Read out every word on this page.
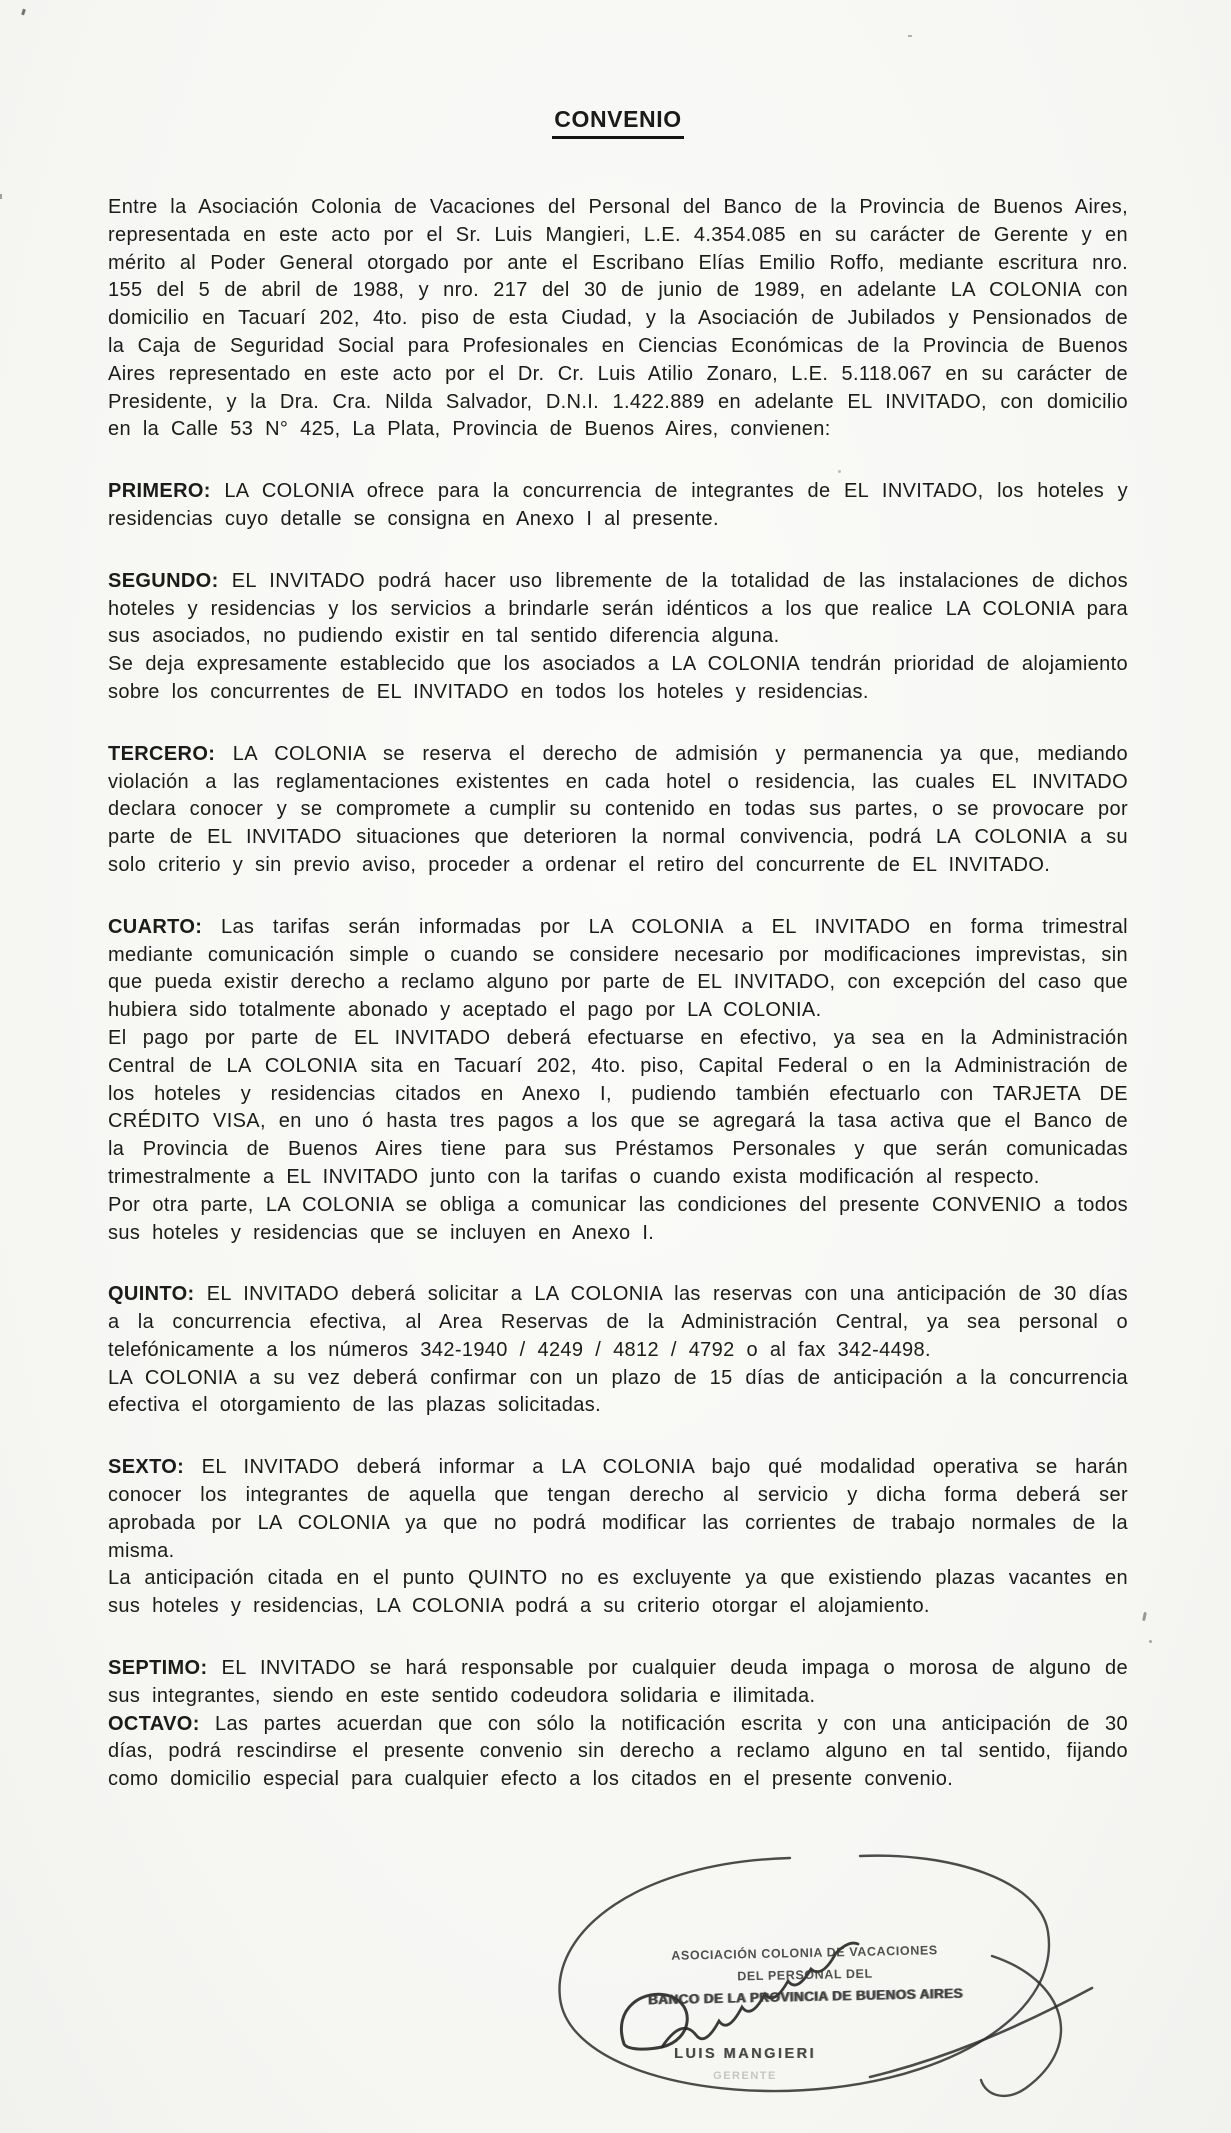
CONVENIO

Entre la Asociación Colonia de Vacaciones del Personal del Banco de la Provincia de Buenos Aires, representada en este acto por el Sr. Luis Mangieri, L.E. 4.354.085 en su carácter de Gerente y en mérito al Poder General otorgado por ante el Escribano Elías Emilio Roffo, mediante escritura nro. 155 del 5 de abril de 1988, y nro. 217 del 30 de junio de 1989, en adelante LA COLONIA con domicilio en Tacuarí 202, 4to. piso de esta Ciudad, y la Asociación de Jubilados y Pensionados de la Caja de Seguridad Social para Profesionales en Ciencias Económicas de la Provincia de Buenos Aires representado en este acto por el Dr. Cr. Luis Atilio Zonaro, L.E. 5.118.067 en su carácter de Presidente, y la Dra. Cra. Nilda Salvador, D.N.I. 1.422.889 en adelante EL INVITADO, con domicilio en la Calle 53 N° 425, La Plata, Provincia de Buenos Aires, convienen:

PRIMERO: LA COLONIA ofrece para la concurrencia de integrantes de EL INVITADO, los hoteles y residencias cuyo detalle se consigna en Anexo I al presente.

SEGUNDO: EL INVITADO podrá hacer uso libremente de la totalidad de las instalaciones de dichos hoteles y residencias y los servicios a brindarle serán idénticos a los que realice LA COLONIA para sus asociados, no pudiendo existir en tal sentido diferencia alguna.

Se deja expresamente establecido que los asociados a LA COLONIA tendrán prioridad de alojamiento sobre los concurrentes de EL INVITADO en todos los hoteles y residencias.

TERCERO: LA COLONIA se reserva el derecho de admisión y permanencia ya que, mediando violación a las reglamentaciones existentes en cada hotel o residencia, las cuales EL INVITADO declara conocer y se compromete a cumplir su contenido en todas sus partes, o se provocare por parte de EL INVITADO situaciones que deterioren la normal convivencia, podrá LA COLONIA a su solo criterio y sin previo aviso, proceder a ordenar el retiro del concurrente de EL INVITADO.

CUARTO: Las tarifas serán informadas por LA COLONIA a EL INVITADO en forma trimestral mediante comunicación simple o cuando se considere necesario por modificaciones imprevistas, sin que pueda existir derecho a reclamo alguno por parte de EL INVITADO, con excepción del caso que hubiera sido totalmente abonado y aceptado el pago por LA COLONIA.

El pago por parte de EL INVITADO deberá efectuarse en efectivo, ya sea en la Administración Central de LA COLONIA sita en Tacuarí 202, 4to. piso, Capital Federal o en la Administración de los hoteles y residencias citados en Anexo I, pudiendo también efectuarlo con TARJETA DE CRÉDITO VISA, en uno ó hasta tres pagos a los que se agregará la tasa activa que el Banco de la Provincia de Buenos Aires tiene para sus Préstamos Personales y que serán comunicadas trimestralmente a EL INVITADO junto con la tarifas o cuando exista modificación al respecto.

Por otra parte, LA COLONIA se obliga a comunicar las condiciones del presente CONVENIO a todos sus hoteles y residencias que se incluyen en Anexo I.

QUINTO: EL INVITADO deberá solicitar a LA COLONIA las reservas con una anticipación de 30 días a la concurrencia efectiva, al Area Reservas de la Administración Central, ya sea personal o telefónicamente a los números 342-1940 / 4249 / 4812 / 4792 o al fax 342-4498.

LA COLONIA a su vez deberá confirmar con un plazo de 15 días de anticipación a la concurrencia efectiva el otorgamiento de las plazas solicitadas.

SEXTO: EL INVITADO deberá informar a LA COLONIA bajo qué modalidad operativa se harán conocer los integrantes de aquella que tengan derecho al servicio y dicha forma deberá ser aprobada por LA COLONIA ya que no podrá modificar las corrientes de trabajo normales de la misma.

La anticipación citada en el punto QUINTO no es excluyente ya que existiendo plazas vacantes en sus hoteles y residencias, LA COLONIA podrá a su criterio otorgar el alojamiento.

SEPTIMO: EL INVITADO se hará responsable por cualquier deuda impaga o morosa de alguno de sus integrantes, siendo en este sentido codeudora solidaria e ilimitada.

OCTAVO: Las partes acuerdan que con sólo la notificación escrita y con una anticipación de 30 días, podrá rescindirse el presente convenio sin derecho a reclamo alguno en tal sentido, fijando como domicilio especial para cualquier efecto a los citados en el presente convenio.

ASOCIACIÓN COLONIA DE VACACIONES
DEL PERSONAL DEL
BANCO DE LA PROVINCIA DE BUENOS AIRES
LUIS MANGIERI
GERENTE
